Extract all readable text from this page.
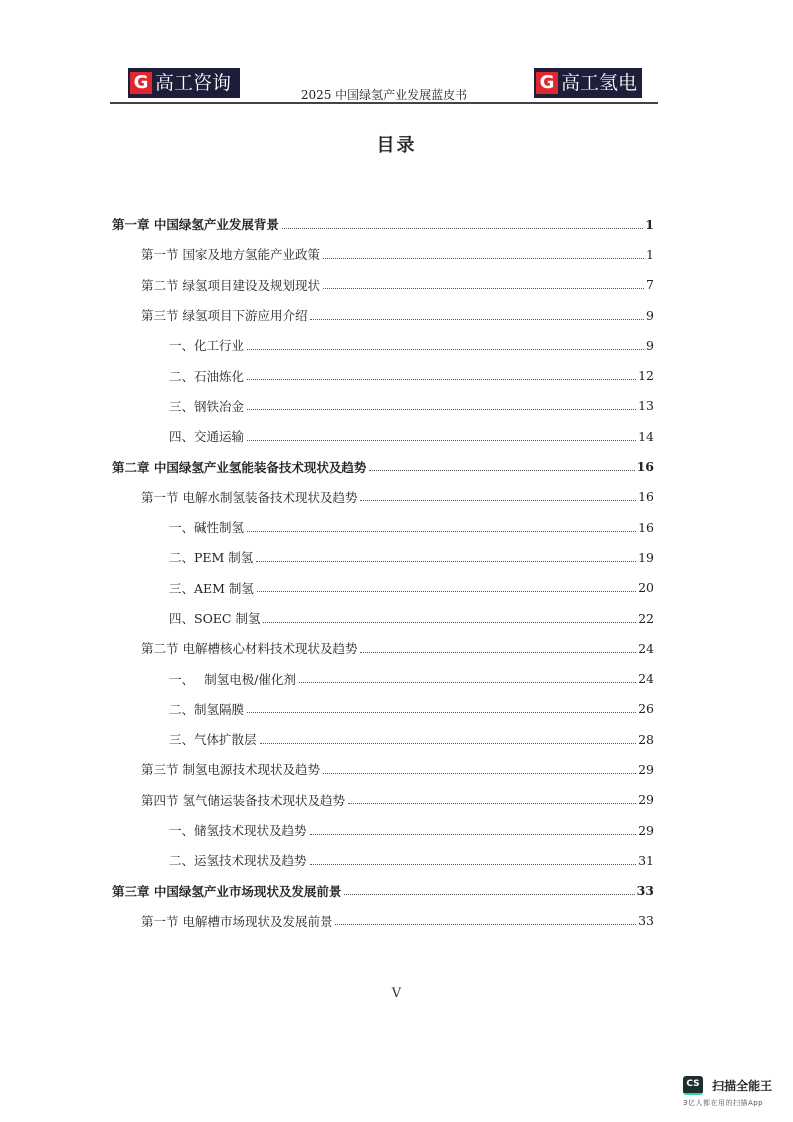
G 高工咨询
2025 中国绿氢产业发展蓝皮书
G 高工氢电
目录
第一章 中国绿氢产业发展背景	1
第一节 国家及地方氢能产业政策	1
第二节 绿氢项目建设及规划现状	7
第三节 绿氢项目下游应用介绍	9
一、化工行业	9
二、石油炼化	12
三、钢铁冶金	13
四、交通运输	14
第二章 中国绿氢产业氢能装备技术现状及趋势	16
第一节 电解水制氢装备技术现状及趋势	16
一、碱性制氢	16
二、PEM 制氢	19
三、AEM 制氢	20
四、SOEC 制氢	22
第二节 电解槽核心材料技术现状及趋势	24
一、　 制氢电极/催化剂	24
二、制氢隔膜	26
三、气体扩散层	28
第三节 制氢电源技术现状及趋势	29
第四节 氢气储运装备技术现状及趋势	29
一、储氢技术现状及趋势	29
二、运氢技术现状及趋势	31
第三章 中国绿氢产业市场现状及发展前景	33
第一节 电解槽市场现状及发展前景	33
V
CS 扫描全能王
3亿人都在用的扫描App
